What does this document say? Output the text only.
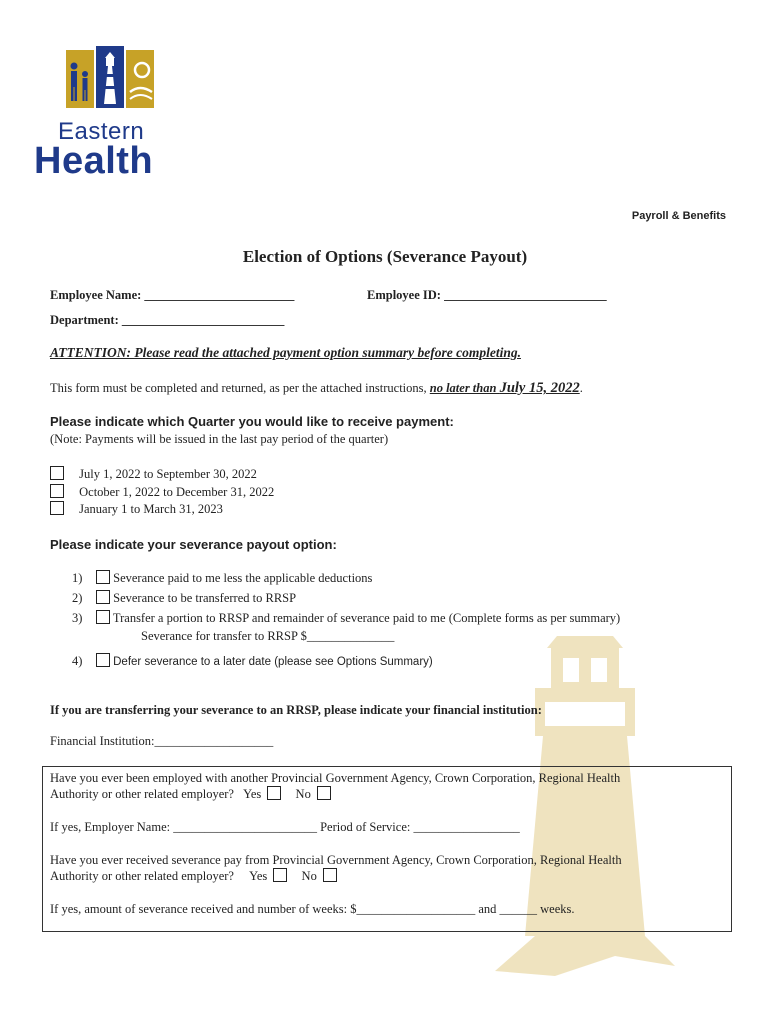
Eastern
Health
Payroll & Benefits
Election of Options (Severance Payout)
Employee Name: ________________________	Employee ID: __________________________
Department: __________________________
ATTENTION: Please read the attached payment option summary before completing.
This form must be completed and returned, as per the attached instructions, no later than July 15, 2022.
Please indicate which Quarter you would like to receive payment:
(Note: Payments will be issued in the last pay period of the quarter)
July 1, 2022 to September 30, 2022
October 1, 2022 to December 31, 2022
January 1 to March 31, 2023
Please indicate your severance payout option:
1) Severance paid to me less the applicable deductions
2) Severance to be transferred to RRSP
3) Transfer a portion to RRSP and remainder of severance paid to me (Complete forms as per summary)
Severance for transfer to RRSP $______________
4)	Defer severance to a later date (please see Options Summary)
If you are transferring your severance to an RRSP, please indicate your financial institution:
Financial Institution:___________________
Have you ever been employed with another Provincial Government Agency, Crown Corporation, Regional Health
Authority or other related employer? Yes	No
If yes, Employer Name: _______________________ Period of Service: _________________
Have you ever received severance pay from Provincial Government Agency, Crown Corporation, Regional Health
Authority or other related employer? Yes	No
If yes, amount of severance received and number of weeks: $___________________ and ______ weeks.
